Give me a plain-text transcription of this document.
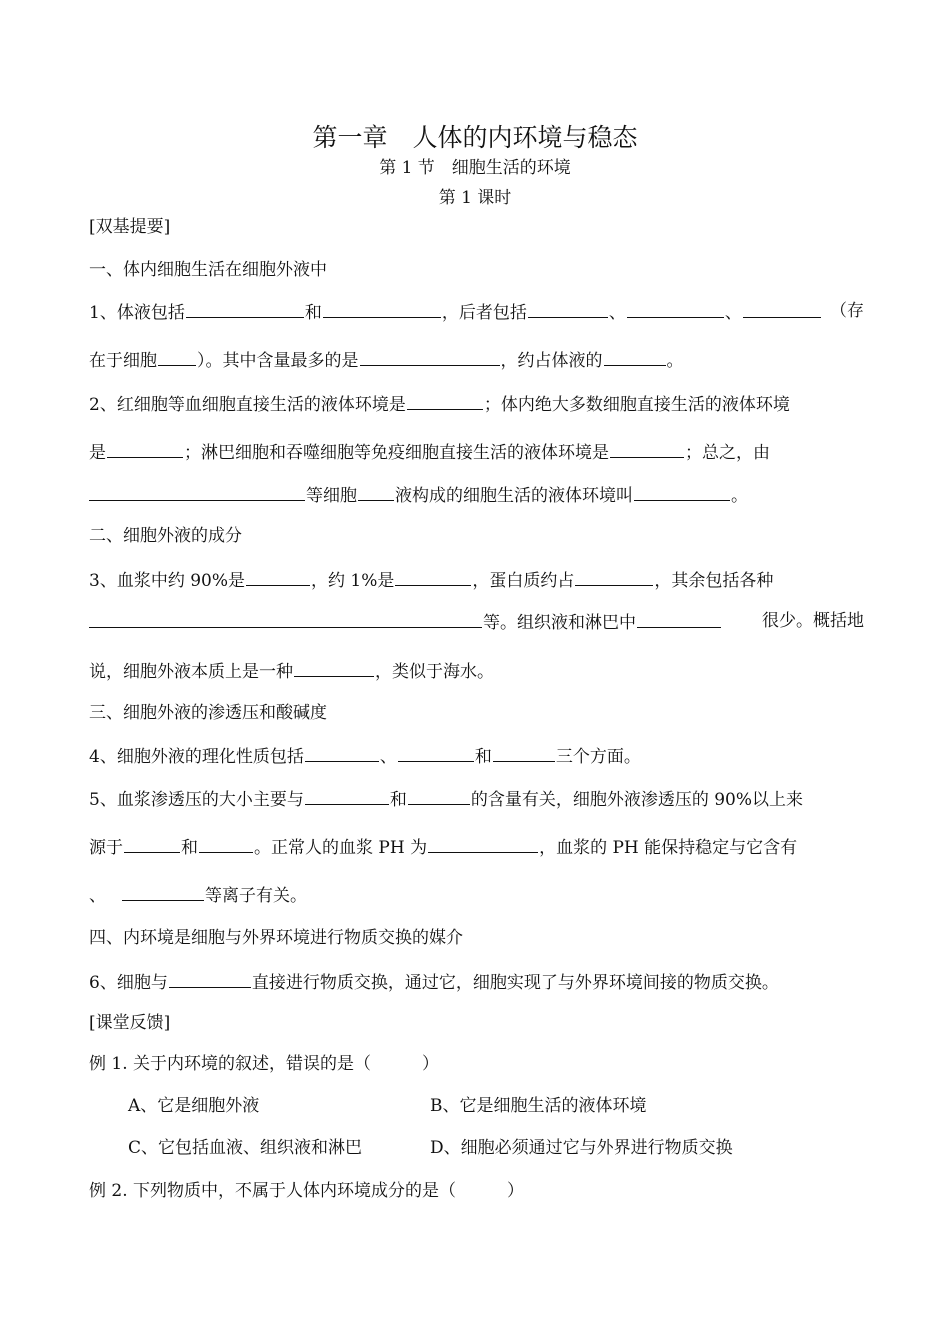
第一章　人体的内环境与稳态
第 1 节　细胞生活的环境
第 1 课时
[双基提要]
一、体内细胞生活在细胞外液中
1、体液包括	和	，后者包括	、	、	（存
在于细胞 ）。其中含量最多的是	，约占体液的	。
2、红细胞等血细胞直接生活的液体环境是	；体内绝大多数细胞直接生活的液体环境
是	；淋巴细胞和吞噬细胞等免疫细胞直接生活的液体环境是	；总之，由
等细胞 液构成的细胞生活的液体环境叫	。
二、细胞外液的成分
3、血浆中约 90%是	，约 1%是	，蛋白质约占	，其余包括各种
等。组织液和淋巴中	很少。概括地
说，细胞外液本质上是一种	，类似于海水。
三、细胞外液的渗透压和酸碱度
4、细胞外液的理化性质包括	、	和	三个方面。
5、血浆渗透压的大小主要与	和	的含量有关，细胞外液渗透压的 90%以上来
源于	和	。正常人的血浆 PH 为	，血浆的 PH 能保持稳定与它含有
、	等离子有关。
四、内环境是细胞与外界环境进行物质交换的媒介
6、细胞与	直接进行物质交换，通过它，细胞实现了与外界环境间接的物质交换。
[课堂反馈]
例 1. 关于内环境的叙述，错误的是（　　　）
A、它是细胞外液	B、它是细胞生活的液体环境
C、它包括血液、组织液和淋巴	D、细胞必须通过它与外界进行物质交换
例 2. 下列物质中，不属于人体内环境成分的是（　　　）
